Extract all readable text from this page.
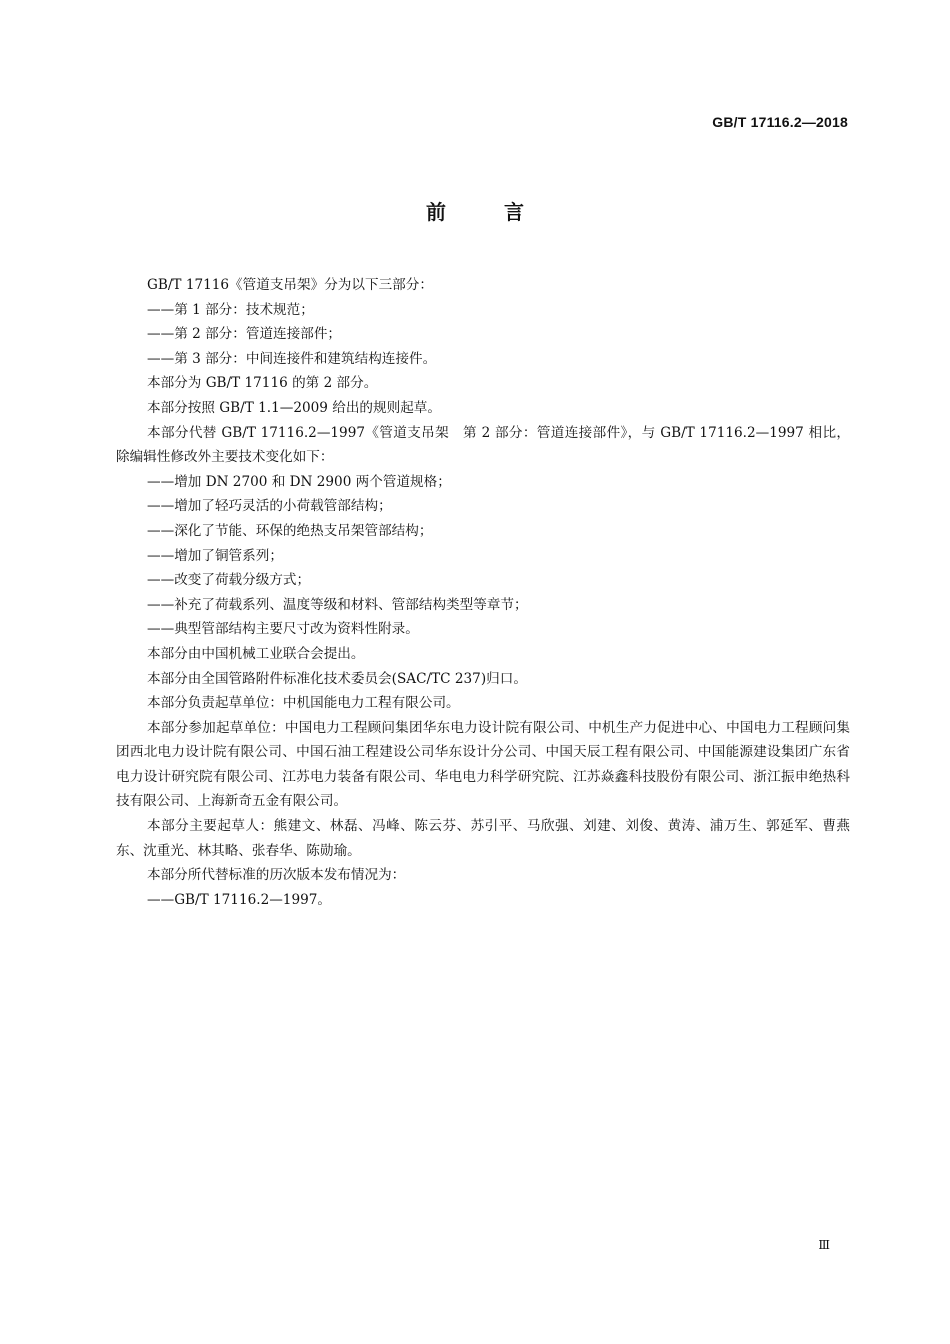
GB/T 17116.2—2018
前言

GB/T 17116《管道支吊架》分为以下三部分：

——第 1 部分：技术规范；

——第 2 部分：管道连接部件；

——第 3 部分：中间连接件和建筑结构连接件。

本部分为 GB/T 17116 的第 2 部分。

本部分按照 GB/T 1.1—2009 给出的规则起草。

本部分代替 GB/T 17116.2—1997《管道支吊架　第 2 部分：管道连接部件》，与 GB/T 17116.2—1997 相比，除编辑性修改外主要技术变化如下：

——增加 DN 2700 和 DN 2900 两个管道规格；

——增加了轻巧灵活的小荷载管部结构；

——深化了节能、环保的绝热支吊架管部结构；

——增加了铜管系列；

——改变了荷载分级方式；

——补充了荷载系列、温度等级和材料、管部结构类型等章节；

——典型管部结构主要尺寸改为资料性附录。

本部分由中国机械工业联合会提出。

本部分由全国管路附件标准化技术委员会(SAC/TC 237)归口。

本部分负责起草单位：中机国能电力工程有限公司。

本部分参加起草单位：中国电力工程顾问集团华东电力设计院有限公司、中机生产力促进中心、中国电力工程顾问集团西北电力设计院有限公司、中国石油工程建设公司华东设计分公司、中国天辰工程有限公司、中国能源建设集团广东省电力设计研究院有限公司、江苏电力装备有限公司、华电电力科学研究院、江苏焱鑫科技股份有限公司、浙江振申绝热科技有限公司、上海新奇五金有限公司。

本部分主要起草人：熊建文、林磊、冯峰、陈云芬、苏引平、马欣强、刘建、刘俊、黄涛、浦万生、郭延军、曹燕东、沈重光、林其略、张春华、陈勋瑜。

本部分所代替标准的历次版本发布情况为：

——GB/T 17116.2—1997。

Ⅲ
